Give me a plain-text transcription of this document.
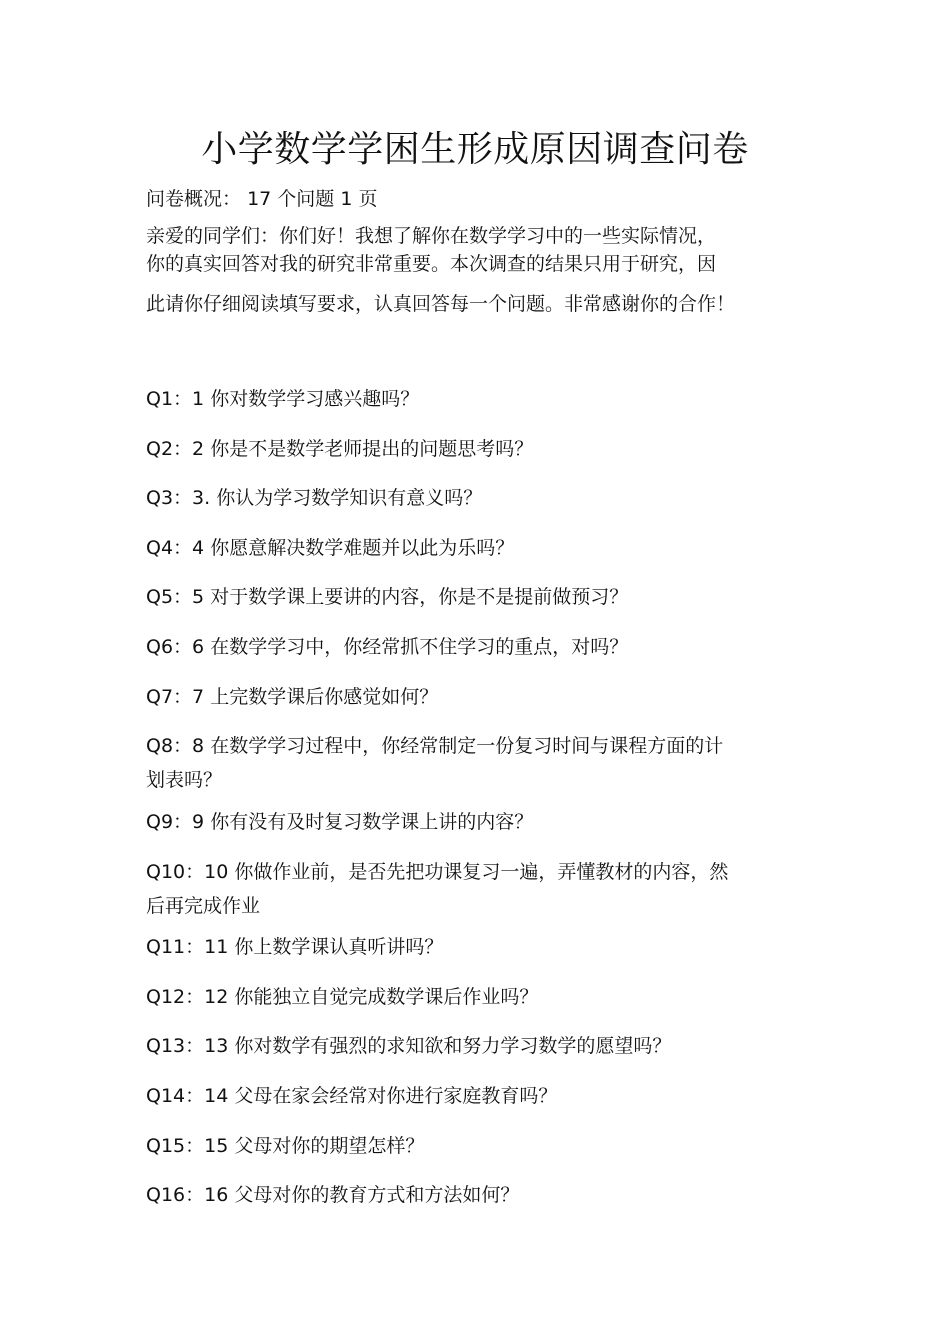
小学数学学困生形成原因调查问卷
问卷概况： 17 个问题 1 页
亲爱的同学们：你们好！我想了解你在数学学习中的一些实际情况，
你的真实回答对我的研究非常重要。本次调查的结果只用于研究，因
此请你仔细阅读填写要求，认真回答每一个问题。非常感谢你的合作！
Q1：1 你对数学学习感兴趣吗？
Q2：2 你是不是数学老师提出的问题思考吗？
Q3：3. 你认为学习数学知识有意义吗？
Q4：4 你愿意解决数学难题并以此为乐吗？
Q5：5 对于数学课上要讲的内容，你是不是提前做预习？
Q6：6 在数学学习中，你经常抓不住学习的重点，对吗？
Q7：7 上完数学课后你感觉如何？
Q8：8 在数学学习过程中，你经常制定一份复习时间与课程方面的计
划表吗？
Q9：9 你有没有及时复习数学课上讲的内容？
Q10：10 你做作业前，是否先把功课复习一遍，弄懂教材的内容，然
后再完成作业
Q11：11 你上数学课认真听讲吗？
Q12：12 你能独立自觉完成数学课后作业吗？
Q13：13 你对数学有强烈的求知欲和努力学习数学的愿望吗？
Q14：14 父母在家会经常对你进行家庭教育吗？
Q15：15 父母对你的期望怎样？
Q16：16 父母对你的教育方式和方法如何？
